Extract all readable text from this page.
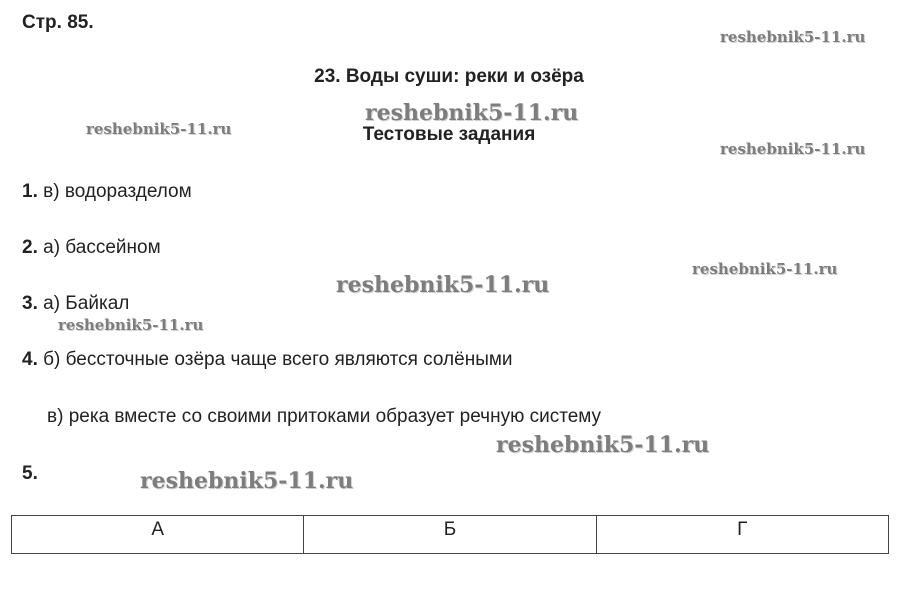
Стр. 85.
reshebnik5-11.ru
23. Воды суши: реки и озёра
reshebnik5-11.ru
reshebnik5-11.ru	Тестовые задания
reshebnik5-11.ru
1. в) водоразделом
2. а) бассейном
reshebnik5-11.ru
reshebnik5-11.ru
3. а) Байкал
reshebnik5-11.ru
4. б) бессточные озёра чаще всего являются солёными
в) река вместе со своими притоками образует речную систему
reshebnik5-11.ru
5.	reshebnik5-11.ru
А	Б	Г
